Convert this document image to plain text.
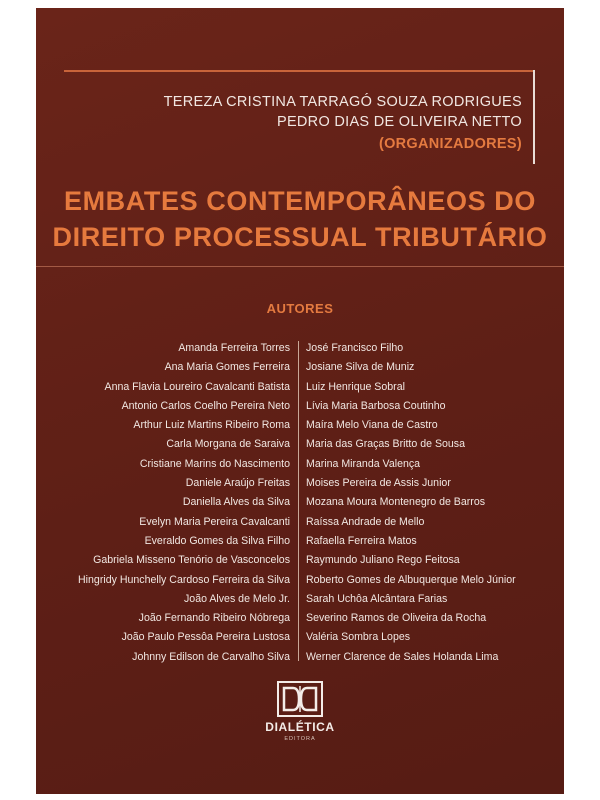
TEREZA CRISTINA TARRAGÓ SOUZA RODRIGUES
PEDRO DIAS DE OLIVEIRA NETTO
(ORGANIZADORES)
EMBATES CONTEMPORÂNEOS DO
DIREITO PROCESSUAL TRIBUTÁRIO
AUTORES
Amanda Ferreira Torres
Ana Maria Gomes Ferreira
Anna Flavia Loureiro Cavalcanti Batista
Antonio Carlos Coelho Pereira Neto
Arthur Luiz Martins Ribeiro Roma
Carla Morgana de Saraiva
Cristiane Marins do Nascimento
Daniele Araújo Freitas
Daniella Alves da Silva
Evelyn Maria Pereira Cavalcanti
Everaldo Gomes da Silva Filho
Gabriela Misseno Tenório de Vasconcelos
Hingridy Hunchelly Cardoso Ferreira da Silva
João Alves de Melo Jr.
João Fernando Ribeiro Nóbrega
João Paulo Pessôa Pereira Lustosa
Johnny Edilson de Carvalho Silva
José Francisco Filho
Josiane Silva de Muniz
Luiz Henrique Sobral
Lívia Maria Barbosa Coutinho
Maíra Melo Viana de Castro
Maria das Graças Britto de Sousa
Marina Miranda Valença
Moises Pereira de Assis Junior
Mozana Moura Montenegro de Barros
Raíssa Andrade de Mello
Rafaella Ferreira Matos
Raymundo Juliano Rego Feitosa
Roberto Gomes de Albuquerque Melo Júnior
Sarah Uchôa Alcântara Farias
Severino Ramos de Oliveira da Rocha
Valéria Sombra Lopes
Werner Clarence de Sales Holanda Lima
DIALÉTICA
EDITORA
